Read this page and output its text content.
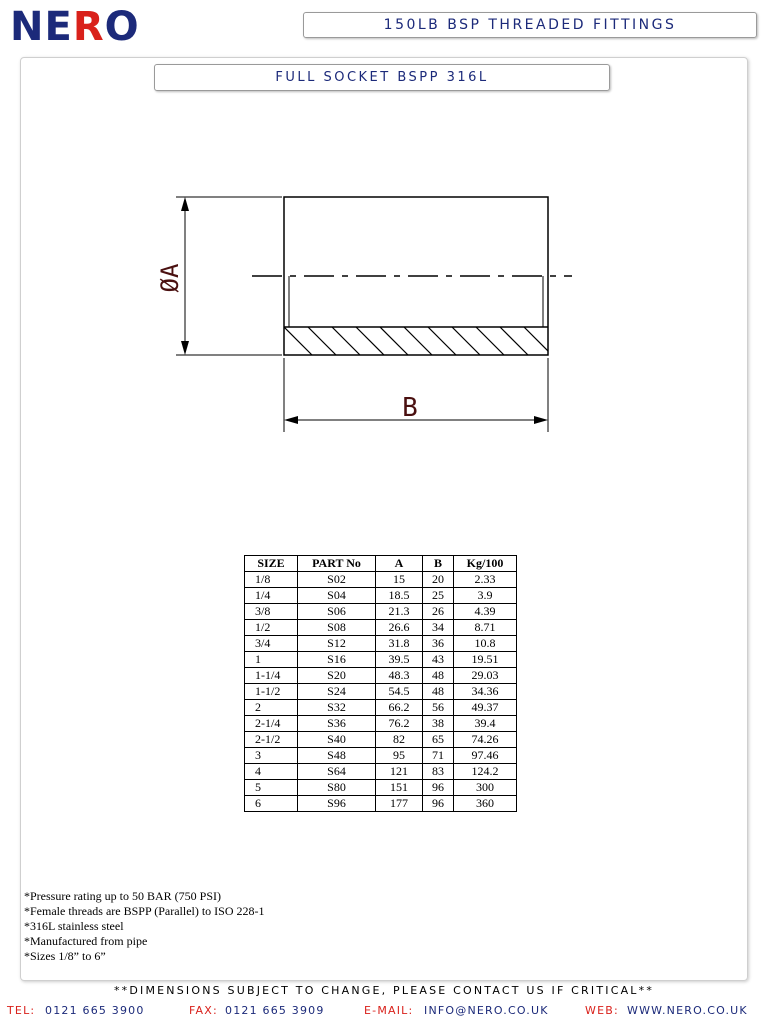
NERO	150LB BSP THREADED FITTINGS
FULL SOCKET BSPP 316L
ØA
B
SIZE	PART No	A	B	Kg/100
1/8	S02	15	20	2.33
1/4	S04	18.5	25	3.9
3/8	S06	21.3	26	4.39
1/2	S08	26.6	34	8.71
3/4	S12	31.8	36	10.8
1	S16	39.5	43	19.51
1-1/4	S20	48.3	48	29.03
1-1/2	S24	54.5	48	34.36
2	S32	66.2	56	49.37
2-1/4	S36	76.2	38	39.4
2-1/2	S40	82	65	74.26
3	S48	95	71	97.46
4	S64	121	83	124.2
5	S80	151	96	300
6	S96	177	96	360
*Pressure rating up to 50 BAR (750 PSI)
*Female threads are BSPP (Parallel) to ISO 228-1
*316L stainless steel
*Manufactured from pipe
*Sizes 1/8” to 6”
**DIMENSIONS SUBJECT TO CHANGE, PLEASE CONTACT US IF CRITICAL**
TEL: 0121 665 3900	FAX: 0121 665 3909	E-MAIL: INFO@NERO.CO.UK	WEB: WWW.NERO.CO.UK
